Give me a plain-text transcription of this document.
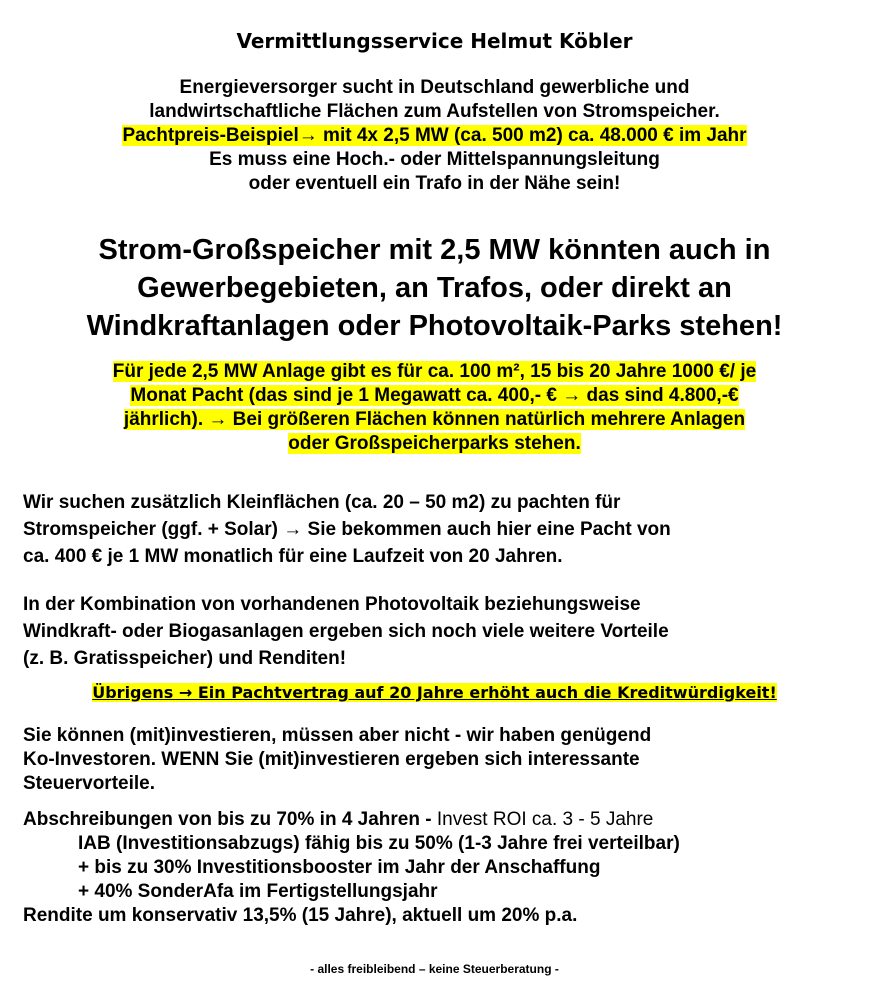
Vermittlungsservice Helmut Köbler
Energieversorger sucht in Deutschland gewerbliche und
landwirtschaftliche Flächen zum Aufstellen von Stromspeicher.
Pachtpreis-Beispiel→ mit 4x 2,5 MW (ca. 500 m2) ca. 48.000 € im Jahr
Es muss eine Hoch.- oder Mittelspannungsleitung
oder eventuell ein Trafo in der Nähe sein!
Strom-Großspeicher mit 2,5 MW könnten auch in
Gewerbegebieten, an Trafos, oder direkt an
Windkraftanlagen oder Photovoltaik-Parks stehen!
Für jede 2,5 MW Anlage gibt es für ca. 100 m², 15 bis 20 Jahre 1000 €/ je
Monat Pacht (das sind je 1 Megawatt ca. 400,- € → das sind 4.800,-€
jährlich). → Bei größeren Flächen können natürlich mehrere Anlagen
oder Großspeicherparks stehen.
Wir suchen zusätzlich Kleinflächen (ca. 20 – 50 m2) zu pachten für
Stromspeicher (ggf. + Solar) → Sie bekommen auch hier eine Pacht von
ca. 400 € je 1 MW monatlich für eine Laufzeit von 20 Jahren.
In der Kombination von vorhandenen Photovoltaik beziehungsweise
Windkraft- oder Biogasanlagen ergeben sich noch viele weitere Vorteile
(z. B. Gratisspeicher) und Renditen!
Übrigens → Ein Pachtvertrag auf 20 Jahre erhöht auch die Kreditwürdigkeit!
Sie können (mit)investieren, müssen aber nicht - wir haben genügend
Ko-Investoren. WENN Sie (mit)investieren ergeben sich interessante
Steuervorteile.
Abschreibungen von bis zu 70% in 4 Jahren - Invest ROI ca. 3 - 5 Jahre
IAB (Investitionsabzugs) fähig bis zu 50% (1-3 Jahre frei verteilbar)
+ bis zu 30% Investitionsbooster im Jahr der Anschaffung
+ 40% SonderAfa im Fertigstellungsjahr
Rendite um konservativ 13,5% (15 Jahre), aktuell um 20% p.a.
- alles freibleibend – keine Steuerberatung -
